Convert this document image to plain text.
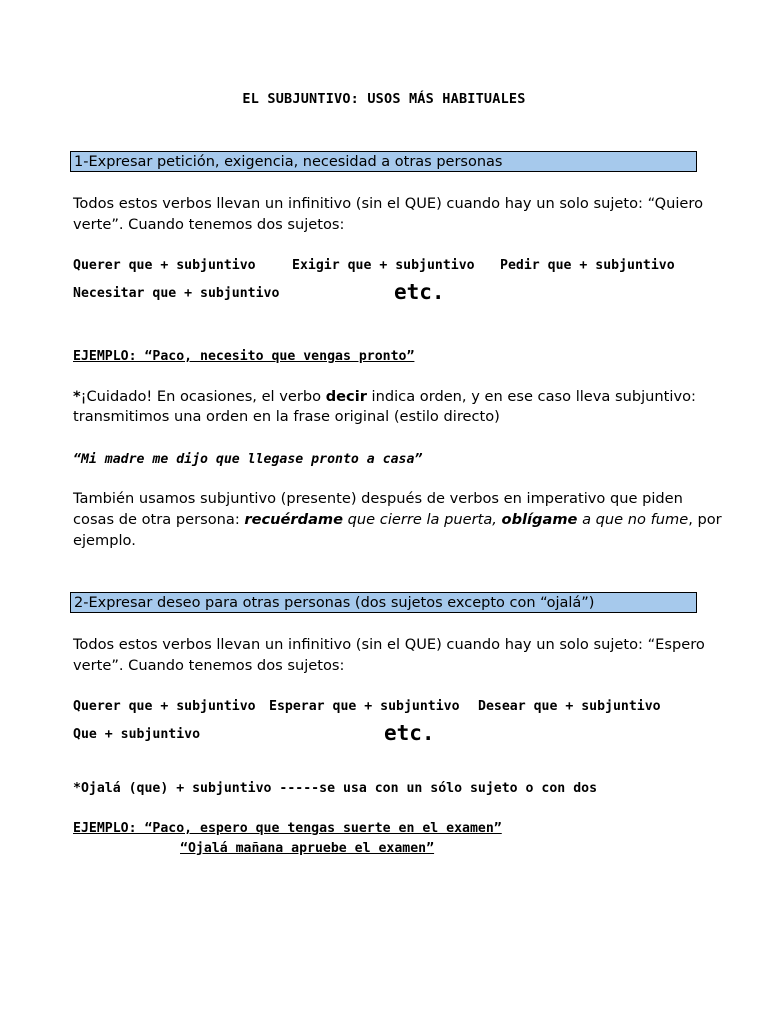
EL SUBJUNTIVO: USOS MÁS HABITUALES
1-Expresar petición, exigencia, necesidad a otras personas
Todos estos verbos llevan un infinitivo (sin el QUE) cuando hay un solo sujeto: “Quiero
verte”. Cuando tenemos dos sujetos:
Querer que + subjuntivo	Exigir que + subjuntivo Pedir que + subjuntivo
Necesitar que + subjuntivo	etc.
EJEMPLO: “Paco, necesito que vengas pronto”
*¡Cuidado! En ocasiones, el verbo decir indica orden, y en ese caso lleva subjuntivo:
transmitimos una orden en la frase original (estilo directo)
“Mi madre me dijo que llegase pronto a casa”
También usamos subjuntivo (presente) después de verbos en imperativo que piden
cosas de otra persona: recuérdame que cierre la puerta, oblígame a que no fume, por
ejemplo.
2-Expresar deseo para otras personas (dos sujetos excepto con “ojalá”)
Todos estos verbos llevan un infinitivo (sin el QUE) cuando hay un solo sujeto: “Espero
verte”. Cuando tenemos dos sujetos:
Querer que + subjuntivo Esperar que + subjuntivo Desear que + subjuntivo
Que + subjuntivo	etc.
*Ojalá (que) + subjuntivo -----se usa con un sólo sujeto o con dos
EJEMPLO: “Paco, espero que tengas suerte en el examen”
“Ojalá mañana apruebe el examen”
